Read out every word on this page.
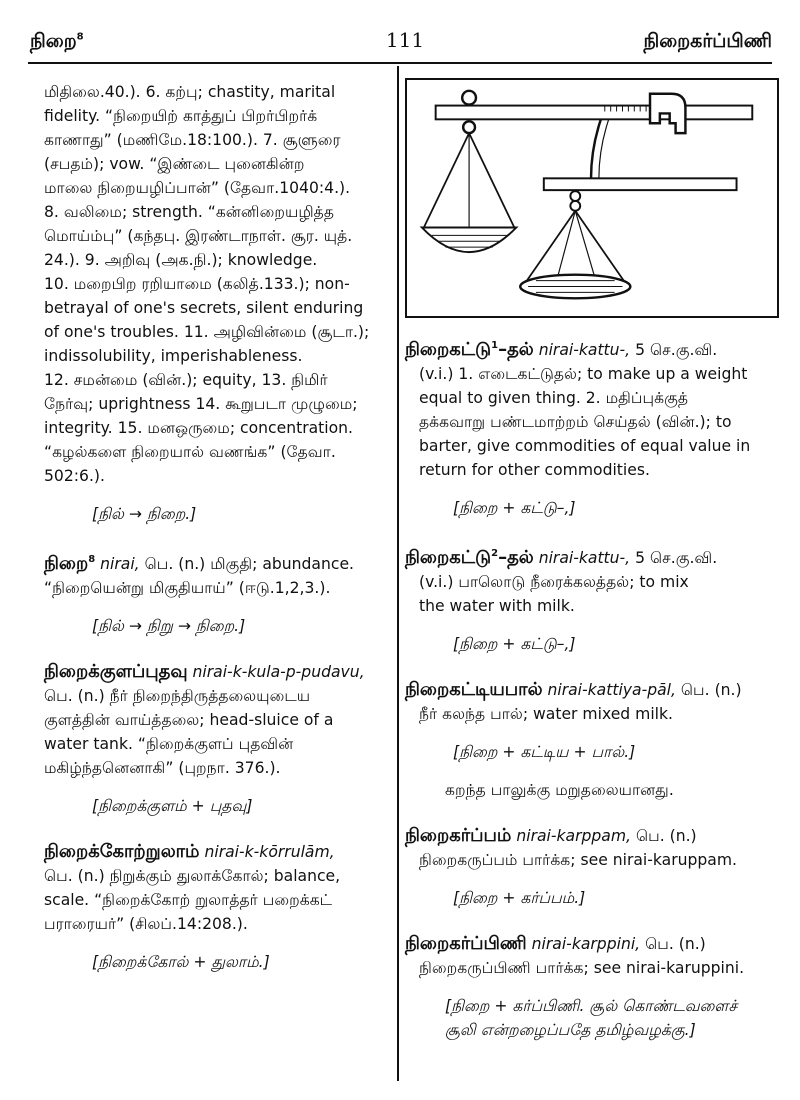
நிறை$^8$	111	நிறைகர்ப்பிணி
மிதிலை.40.). 6. கற்பு; chastity, marital
fidelity. “நிறையிற் காத்துப் பிறர்பிறர்க்
காணாது” (மணிமே.18:100.). 7. சூளுரை
(சபதம்); vow. “இண்டை புனைகின்ற
மாலை நிறையழிப்பான்” (தேவா.1040:4.).
8. வலிமை; strength. “கன்னிறையழித்த
மொய்ம்பு” (கந்தபு. இரண்டாநாள். சூர. யுத்.
24.). 9. அறிவு (அக.நி.); knowledge.
10. மறைபிற ரறியாமை (கலித்.133.); non-
betrayal of one's secrets, silent enduring
of one's troubles. 11. அழிவின்மை (சூடா.);
indissolubility, imperishableness.
12. சமன்மை (வின்.); equity, 13. நிமிர்
நேர்வு; uprightness 14. கூறுபடா முழுமை;
integrity. 15. மனஒருமை; concentration.
“கழல்களை நிறையால் வணங்க” (தேவா.
502:6.).
[நில் → நிறை.]
நிறை$^8$ nirai, பெ. (n.) மிகுதி; abundance.
“நிறையென்று மிகுதியாய்” (ஈடு.1,2,3.).
[நில் → நிறு → நிறை.]
நிறைக்குளப்புதவு nirai-k-kula-p-pudavu,
பெ. (n.) நீர் நிறைந்திருத்தலையுடைய
குளத்தின் வாய்த்தலை; head-sluice of a
water tank. “நிறைக்குளப் புதவின்
மகிழ்ந்தனெனாகி” (புறநா. 376.).
[நிறைக்குளம் + புதவு]
நிறைக்கோற்றுலாம் nirai-k-kōrrulām,
பெ. (n.) நிறுக்கும் துலாக்கோல்; balance,
scale. “நிறைக்கோற் றுலாத்தர் பறைக்கட்
பராரையர்” (சிலப்.14:208.).
[நிறைக்கோல் + துலாம்.]
நிறைகட்டு$^1$–தல் nirai-kattu-, 5 செ.கு.வி.
(v.i.) 1. எடைகட்டுதல்; to make up a weight
equal to given thing. 2. மதிப்புக்குத்
தக்கவாறு பண்டமாற்றம் செய்தல் (வின்.); to
barter, give commodities of equal value in
return for other commodities.
[நிறை + கட்டு–,]
நிறைகட்டு$^2$–தல் nirai-kattu-, 5 செ.கு.வி.
(v.i.) பாலொடு நீரைக்கலத்தல்; to mix
the water with milk.
[நிறை + கட்டு–,]
நிறைகட்டியபால் nirai-kattiya-pāl, பெ. (n.)
நீர் கலந்த பால்; water mixed milk.
[நிறை + கட்டிய + பால்.]
கறந்த பாலுக்கு மறுதலையானது.
நிறைகர்ப்பம் nirai-karppam, பெ. (n.)
நிறைகருப்பம் பார்க்க; see nirai-karuppam.
[நிறை + கர்ப்பம்.]
நிறைகர்ப்பிணி nirai-karppini, பெ. (n.)
நிறைகருப்பிணி பார்க்க; see nirai-karuppini.
[நிறை + கர்ப்பிணி. சூல் கொண்டவளைச்
சூலி என்றழைப்பதே தமிழ்வழக்கு.]
